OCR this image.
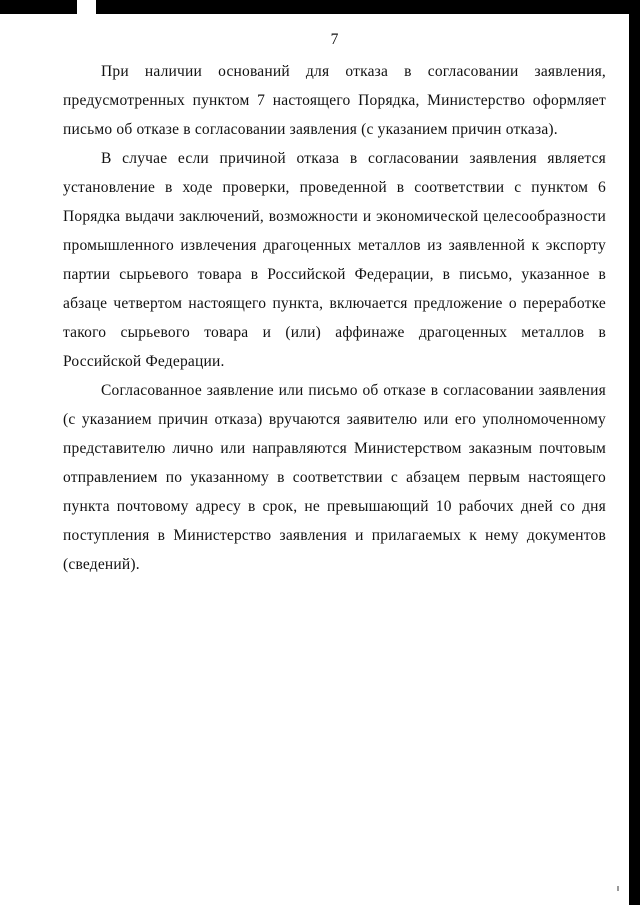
7

При наличии оснований для отказа в согласовании заявления, предусмотренных пунктом 7 настоящего Порядка, Министерство оформляет письмо об отказе в согласовании заявления (с указанием причин отказа).

В случае если причиной отказа в согласовании заявления является установление в ходе проверки, проведенной в соответствии с пунктом 6 Порядка выдачи заключений, возможности и экономической целесообразности промышленного извлечения драгоценных металлов из заявленной к экспорту партии сырьевого товара в Российской Федерации, в письмо, указанное в абзаце четвертом настоящего пункта, включается предложение о переработке такого сырьевого товара и (или) аффинаже драгоценных металлов в Российской Федерации.

Согласованное заявление или письмо об отказе в согласовании заявления (с указанием причин отказа) вручаются заявителю или его уполномоченному представителю лично или направляются Министерством заказным почтовым отправлением по указанному в соответствии с абзацем первым настоящего пункта почтовому адресу в срок, не превышающий 10 рабочих дней со дня поступления в Министерство заявления и прилагаемых к нему документов (сведений).
